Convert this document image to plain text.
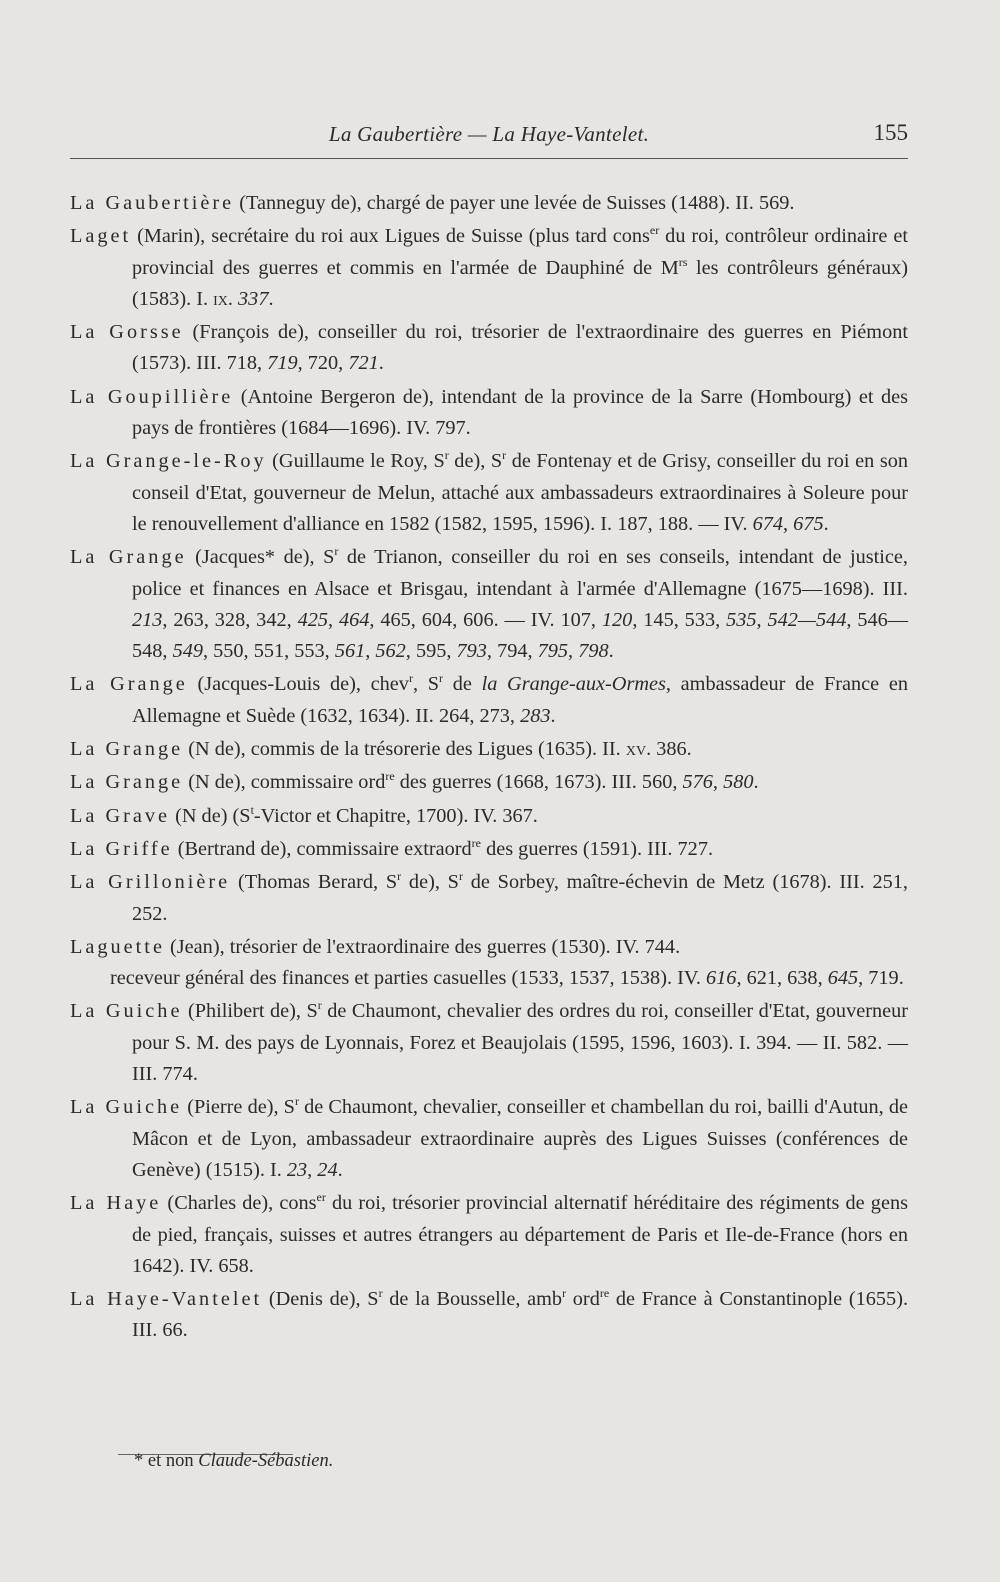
La Gaubertière — La Haye-Vantelet.	155

La Gaubertière (Tanneguy de), chargé de payer une levée de Suisses (1488). II. 569.

Laget (Marin), secrétaire du roi aux Ligues de Suisse (plus tard cons$^{er}$ du roi, contrôleur ordinaire et provincial des guerres et commis en l'armée de Dauphiné de $M^{rs}$ les contrôleurs généraux) (1583). I. ix. 337.

La Gorsse (François de), conseiller du roi, trésorier de l'extraordinaire des guerres en Piémont (1573). III. 718, 719, 720, 721.

La Goupillière (Antoine Bergeron de), intendant de la province de la Sarre (Hombourg) et des pays de frontières (1684—1696). IV. 797.

La Grange-le-Roy (Guillaume le Roy, $S^r$ de), $S^r$ de Fontenay et de Grisy, conseiller du roi en son conseil d'Etat, gouverneur de Melun, attaché aux ambassadeurs extraordinaires à Soleure pour le renouvellement d'alliance en 1582 (1582, 1595, 1596). I. 187, 188. — IV. 674, 675.

La Grange (Jacques* de), $S^r$ de Trianon, conseiller du roi en ses conseils, intendant de justice, police et finances en Alsace et Brisgau, intendant à l'armée d'Allemagne (1675—1698). III. 213, 263, 328, 342, 425, 464, 465, 604, 606. — IV. 107, 120, 145, 533, 535, 542—544, 546—548, 549, 550, 551, 553, 561, 562, 595, 793, 794, 795, 798.

La Grange (Jacques-Louis de), chev$^r$, $S^r$ de la Grange-aux-Ormes, ambassadeur de France en Allemagne et Suède (1632, 1634). II. 264, 273, 283.

La Grange (N de), commis de la trésorerie des Ligues (1635). II. xv. 386.

La Grange (N de), commissaire ord$^{re}$ des guerres (1668, 1673). III. 560, 576, 580.

La Grave (N de) ($S^t$-Victor et Chapitre, 1700). IV. 367.

La Griffe (Bertrand de), commissaire extraord$^{re}$ des guerres (1591). III. 727.

La Grillonière (Thomas Berard, $S^r$ de), $S^r$ de Sorbey, maître-échevin de Metz (1678). III. 251, 252.

Laguette (Jean), trésorier de l'extraordinaire des guerres (1530). IV. 744.
receveur général des finances et parties casuelles (1533, 1537, 1538). IV. 616, 621, 638, 645, 719.

La Guiche (Philibert de), $S^r$ de Chaumont, chevalier des ordres du roi, conseiller d'Etat, gouverneur pour S. M. des pays de Lyonnais, Forez et Beaujolais (1595, 1596, 1603). I. 394. — II. 582. — III. 774.

La Guiche (Pierre de), $S^r$ de Chaumont, chevalier, conseiller et chambellan du roi, bailli d'Autun, de Mâcon et de Lyon, ambassadeur extraordinaire auprès des Ligues Suisses (conférences de Genève) (1515). I. 23, 24.

La Haye (Charles de), cons$^{er}$ du roi, trésorier provincial alternatif héréditaire des régiments de gens de pied, français, suisses et autres étrangers au département de Paris et Ile-de-France (hors en 1642). IV. 658.

La Haye-Vantelet (Denis de), $S^r$ de la Bousselle, amb$^r$ ord$^{re}$ de France à Constantinople (1655). III. 66.

* et non Claude-Sébastien.
